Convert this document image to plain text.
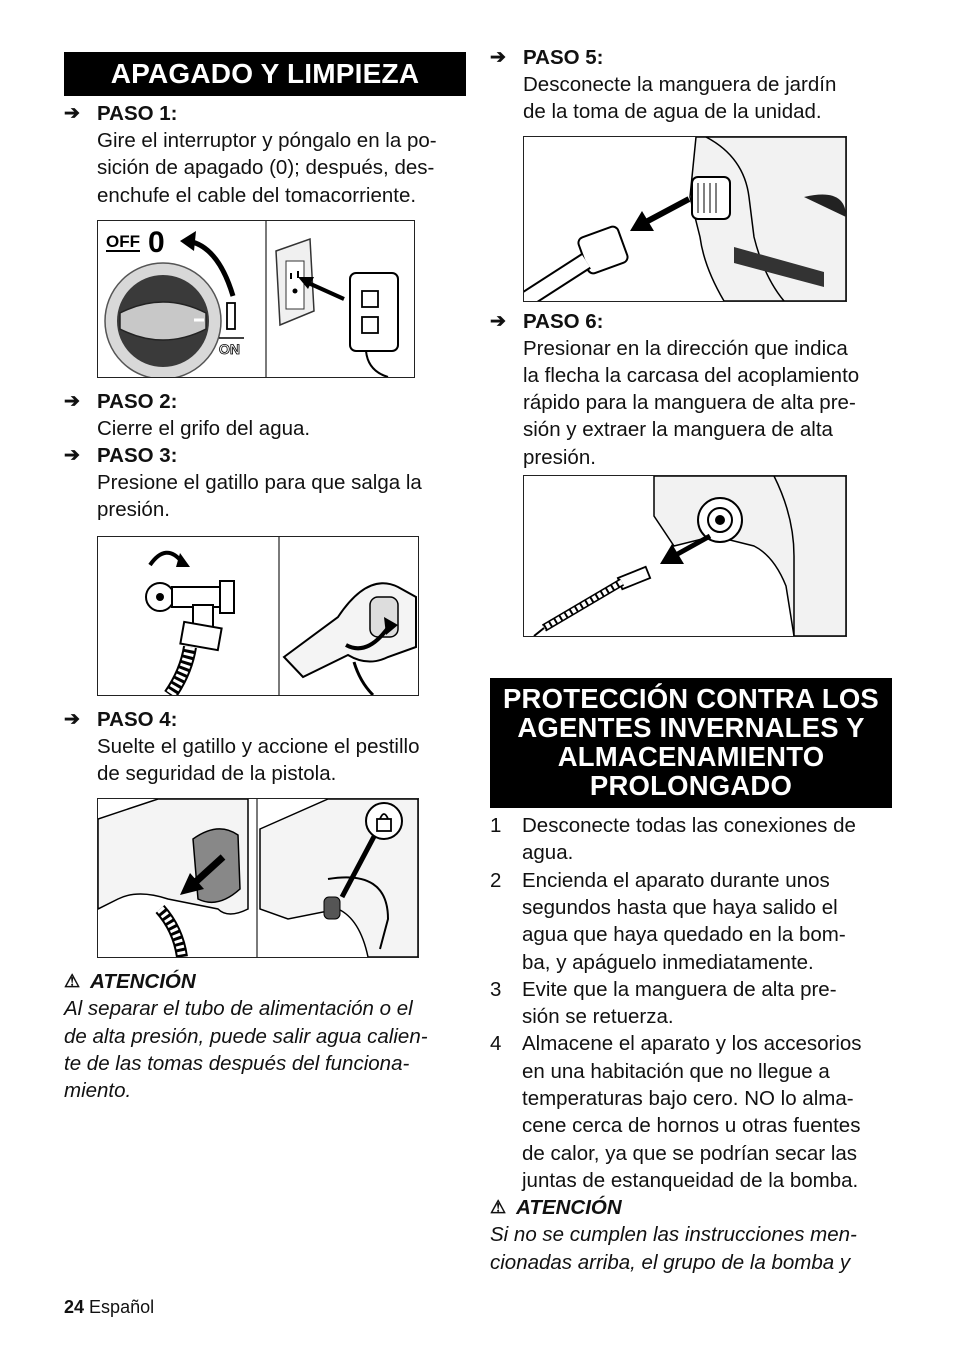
APAGADO Y LIMPIEZA
➔ PASO 1:
Gire el interruptor y póngalo en la po-
sición de apagado (0); después, des-
enchufe el cable del tomacorriente.
OFF 0
ON
➔ PASO 2:
Cierre el grifo del agua.
➔ PASO 3:
Presione el gatillo para que salga la
presión.
➔ PASO 4:
Suelte el gatillo y accione el pestillo
de seguridad de la pistola.
⚠ ATENCIÓN
Al separar el tubo de alimentación o el
de alta presión, puede salir agua calien-
te de las tomas después del funciona-
miento.
➔ PASO 5:
Desconecte la manguera de jardín
de la toma de agua de la unidad.
➔ PASO 6:
Presionar en la dirección que indica
la flecha la carcasa del acoplamiento
rápido para la manguera de alta pre-
sión y extraer la manguera de alta
presión.
PROTECCIÓN CONTRA LOS
AGENTES INVERNALES Y
ALMACENAMIENTO
PROLONGADO
1	Desconecte todas las conexiones de
agua.
2	Encienda el aparato durante unos
segundos hasta que haya salido el
agua que haya quedado en la bom-
ba, y apáguelo inmediatamente.
3	Evite que la manguera de alta pre-
sión se retuerza.
4	Almacene el aparato y los accesorios
en una habitación que no llegue a
temperaturas bajo cero. NO lo alma-
cene cerca de hornos u otras fuentes
de calor, ya que se podrían secar las
juntas de estanqueidad de la bomba.
⚠ ATENCIÓN
Si no se cumplen las instrucciones men-
cionadas arriba, el grupo de la bomba y
24 Español
